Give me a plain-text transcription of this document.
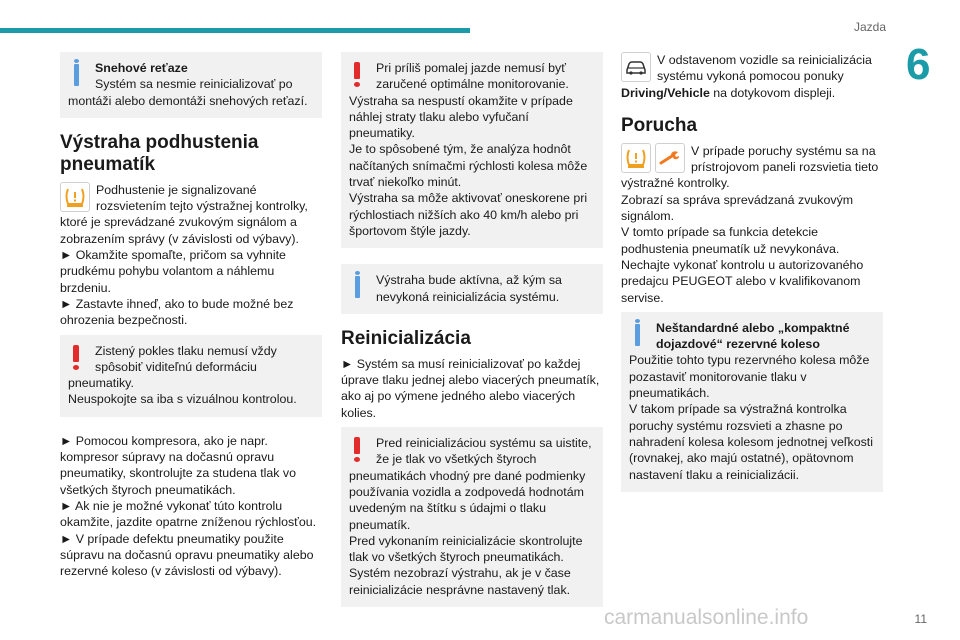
Jazda
6
Snehové reťaze
Systém sa nesmie reinicializovať po montáži alebo demontáži snehových reťazí.
Výstraha podhustenia pneumatík

Podhustenie je signalizované rozsvietením tejto výstražnej kontrolky, ktoré je sprevádzané zvukovým signálom a zobrazením správy (v závislosti od výbavy).

► Okamžite spomaľte, pričom sa vyhnite prudkému pohybu volantom a náhlemu brzdeniu.

► Zastavte ihneď, ako to bude možné bez ohrozenia bezpečnosti.

Zistený pokles tlaku nemusí vždy spôsobiť viditeľnú deformáciu pneumatiky.
Neuspokojte sa iba s vizuálnou kontrolou.

► Pomocou kompresora, ako je napr. kompresor súpravy na dočasnú opravu pneumatiky, skontrolujte za studena tlak vo všetkých štyroch pneumatikách.

► Ak nie je možné vykonať túto kontrolu okamžite, jazdite opatrne zníženou rýchlosťou.

► V prípade defektu pneumatiky použite súpravu na dočasnú opravu pneumatiky alebo rezervné koleso (v závislosti od výbavy).

Pri príliš pomalej jazde nemusí byť zaručené optimálne monitorovanie.
Výstraha sa nespustí okamžite v prípade náhlej straty tlaku alebo vyfučaní pneumatiky.
Je to spôsobené tým, že analýza hodnôt načítaných snímačmi rýchlosti kolesa môže trvať niekoľko minút.
Výstraha sa môže aktivovať oneskorene pri rýchlostiach nižších ako 40 km/h alebo pri športovom štýle jazdy.
Výstraha bude aktívna, až kým sa nevykoná reinicializácia systému.
Reinicializácia

► Systém sa musí reinicializovať po každej úprave tlaku jednej alebo viacerých pneumatík, ako aj po výmene jedného alebo viacerých kolies.

Pred reinicializáciou systému sa uistite, že je tlak vo všetkých štyroch pneumatikách vhodný pre dané podmienky používania vozidla a zodpovedá hodnotám uvedeným na štítku s údajmi o tlaku pneumatík.
Pred vykonaním reinicializácie skontrolujte tlak vo všetkých štyroch pneumatikách.
Systém nezobrazí výstrahu, ak je v čase reinicializácie nesprávne nastavený tlak.

V odstavenom vozidle sa reinicializácia systému vykoná pomocou ponuky Driving/Vehicle na dotykovom displeji.

Porucha

V prípade poruchy systému sa na prístrojovom paneli rozsvietia tieto výstražné kontrolky.

Zobrazí sa správa sprevádzaná zvukovým signálom.

V tomto prípade sa funkcia detekcie podhustenia pneumatík už nevykonáva.

Nechajte vykonať kontrolu u autorizovaného predajcu PEUGEOT alebo v kvalifikovanom servise.

Neštandardné alebo „kompaktné dojazdové“ rezervné koleso
Použitie tohto typu rezervného kolesa môže pozastaviť monitorovanie tlaku v pneumatikách.
V takom prípade sa výstražná kontrolka poruchy systému rozsvieti a zhasne po nahradení kolesa kolesom jednotnej veľkosti (rovnakej, ako majú ostatné), opätovnom nastavení tlaku a reinicializácii.
carmanualsonline.info	11
